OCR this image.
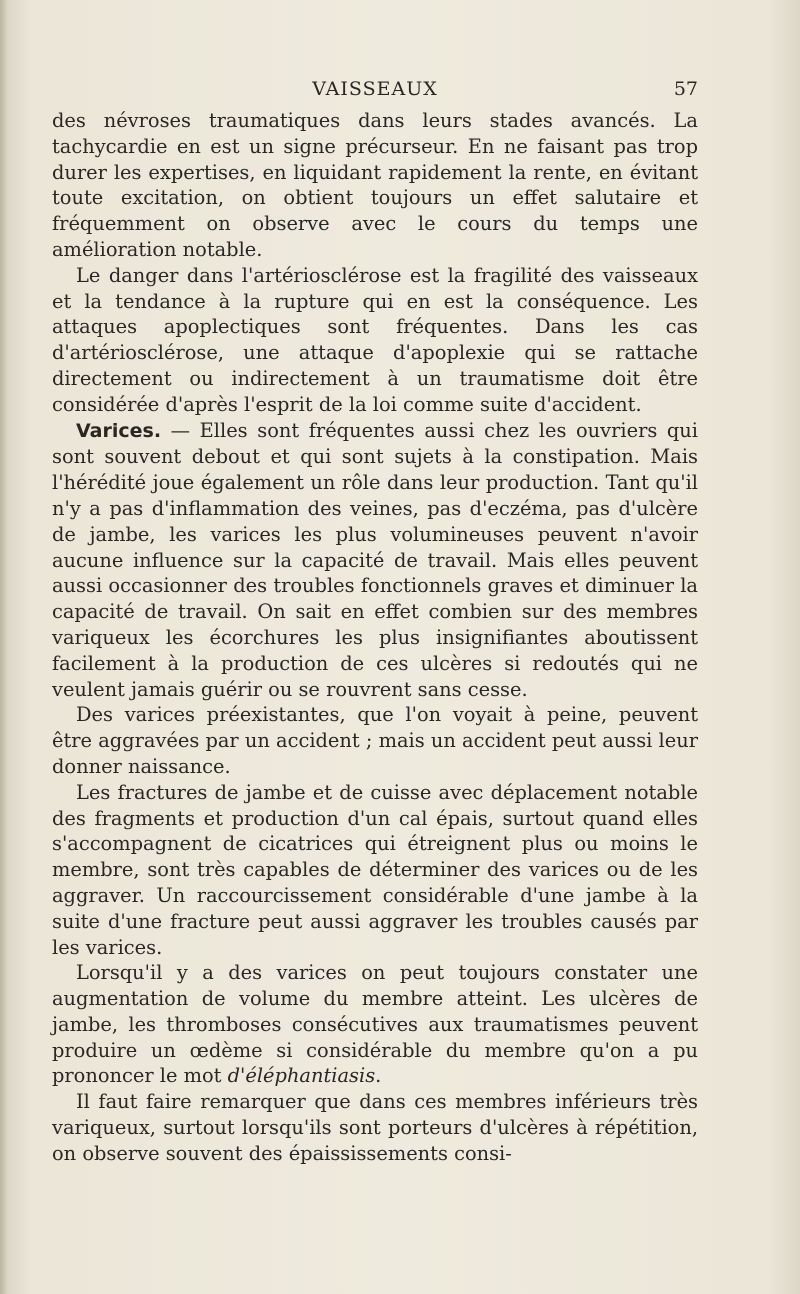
VAISSEAUX	57

des névroses traumatiques dans leurs stades avancés. La tachycardie en est un signe précurseur. En ne faisant pas trop durer les expertises, en liquidant rapidement la rente, en évitant toute excitation, on obtient toujours un effet salutaire et fréquemment on observe avec le cours du temps une amélioration notable.

Le danger dans l'artériosclérose est la fragilité des vaisseaux et la tendance à la rupture qui en est la conséquence. Les attaques apoplectiques sont fréquentes. Dans les cas d'artériosclérose, une attaque d'apoplexie qui se rattache directement ou indirectement à un traumatisme doit être considérée d'après l'esprit de la loi comme suite d'accident.

Varices. — Elles sont fréquentes aussi chez les ouvriers qui sont souvent debout et qui sont sujets à la constipation. Mais l'hérédité joue également un rôle dans leur production. Tant qu'il n'y a pas d'inflammation des veines, pas d'eczéma, pas d'ulcère de jambe, les varices les plus volumineuses peuvent n'avoir aucune influence sur la capacité de travail. Mais elles peuvent aussi occasionner des troubles fonctionnels graves et diminuer la capacité de travail. On sait en effet combien sur des membres variqueux les écorchures les plus insignifiantes aboutissent facilement à la production de ces ulcères si redoutés qui ne veulent jamais guérir ou se rouvrent sans cesse.

Des varices préexistantes, que l'on voyait à peine, peuvent être aggravées par un accident ; mais un accident peut aussi leur donner naissance.

Les fractures de jambe et de cuisse avec déplacement notable des fragments et production d'un cal épais, surtout quand elles s'accompagnent de cicatrices qui étreignent plus ou moins le membre, sont très capables de déterminer des varices ou de les aggraver. Un raccourcissement considérable d'une jambe à la suite d'une fracture peut aussi aggraver les troubles causés par les varices.

Lorsqu'il y a des varices on peut toujours constater une augmentation de volume du membre atteint. Les ulcères de jambe, les thromboses consécutives aux traumatismes peuvent produire un œdème si considérable du membre qu'on a pu prononcer le mot d'éléphantiasis.

Il faut faire remarquer que dans ces membres inférieurs très variqueux, surtout lorsqu'ils sont porteurs d'ulcères à répétition, on observe souvent des épaississements consi-
